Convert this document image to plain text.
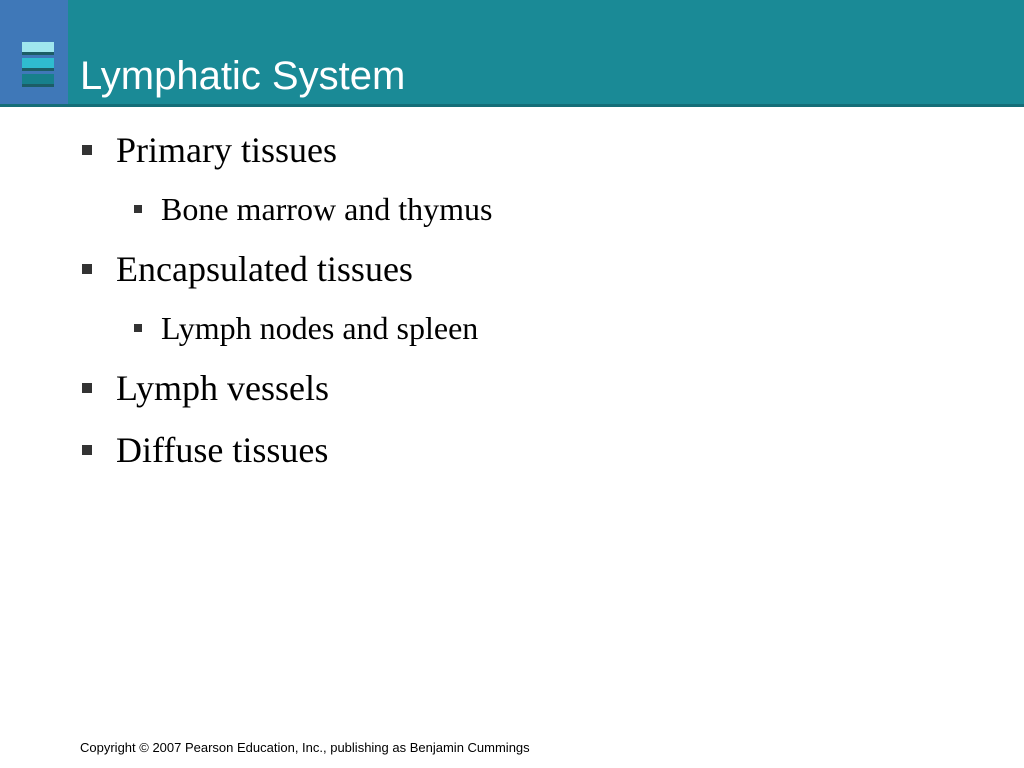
Lymphatic System
Primary tissues
Bone marrow and thymus
Encapsulated tissues
Lymph nodes and spleen
Lymph vessels
Diffuse tissues
Copyright © 2007 Pearson Education, Inc., publishing as Benjamin Cummings
